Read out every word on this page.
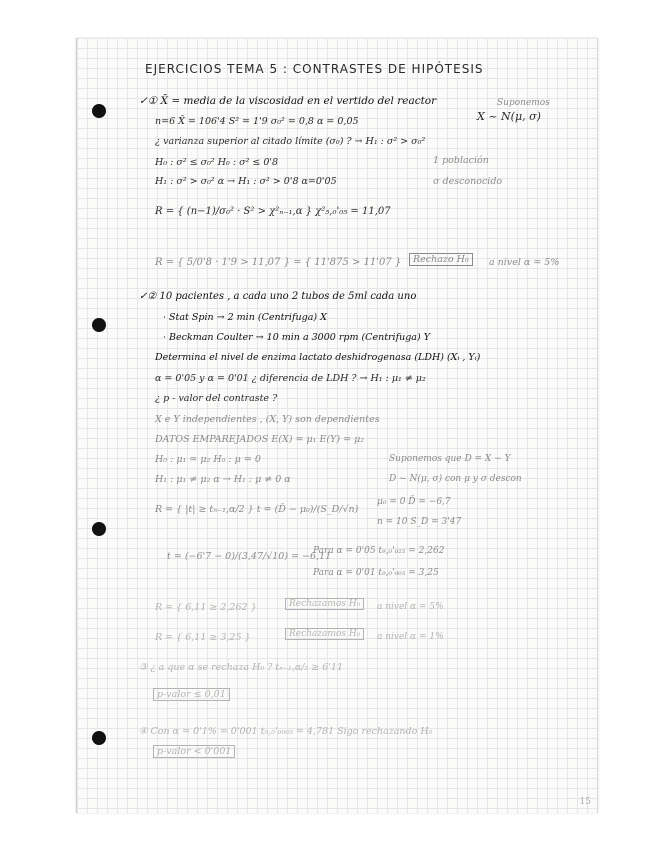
EJERCICIOS TEMA 5 : CONTRASTES DE HIPÓTESIS
✓① X̄ = media de la viscosidad en el vertido del reactor	Suponemos
n=6 X̄ = 106'4 S² = 1'9 σ₀² = 0,8 α = 0,05	X ~ N(μ, σ)
¿ varianza superior al citado límite (σ₀) ? → H₁ : σ² > σ₀²
H₀ : σ² ≤ σ₀² H₀ : σ² ≤ 0'8	1 población
H₁ : σ² > σ₀² α → H₁ : σ² > 0'8 α=0'05	σ desconocido
R = { (n−1)/σ₀² · S² > χ²ₙ₋₁,α } χ²₅,₀'₀₅ = 11,07
R = { 5/0'8 · 1'9 > 11,07 } = { 11'875 > 11'07 }	Rechazo H₀	a nivel α = 5%
✓② 10 pacientes , a cada uno 2 tubos de 5ml cada uno
· Stat Spin → 2 min (Centrifuga) X
· Beckman Coulter → 10 min a 3000 rpm (Centrifuga) Y
Determina el nivel de enzima lactato deshidrogenasa (LDH) (Xᵢ , Yᵢ)
α = 0'05 y α = 0'01 ¿ diferencia de LDH ? → H₁ : μ₁ ≠ μ₂
¿ p - valor del contraste ?
X e Y independientes , (X, Y) son dependientes
DATOS EMPAREJADOS E(X) = μ₁ E(Y) = μ₂
H₀ : μ₁ = μ₂ H₀ : μ = 0	Suponemos que D = X − Y
H₁ : μ₁ ≠ μ₂ α → H₁ : μ ≠ 0 α	D ~ N(μ, σ) con μ y σ descon
R = { |t| ≥ tₙ₋₁,α/2 } t = (D̄ − μ₀)/(S_D/√n)
μ₀ = 0 D̄ = −6,7
n = 10 S_D = 3'47
t = (−6'7 − 0)/(3,47/√10) = −6,11
Para α = 0'05 t₉,₀'₀₂₅ = 2,262
Para α = 0'01 t₉,₀'₀₀₅ = 3,25
R = { 6,11 ≥ 2,262 }	Rechazamos H₀	a nivel α = 5%
R = { 6,11 ≥ 3,25 }	Rechazamos H₀	a nivel α = 1%
③ ¿ a que α se rechaza H₀ ? tₙ₋₁,α/₂ ≥ 6'11
p-valor ≤ 0,01
④ Con α = 0'1% = 0'001 t₉,₀'₀₀₀₅ = 4,781 Sigo rechazando H₀
p-valor < 0'001
15
